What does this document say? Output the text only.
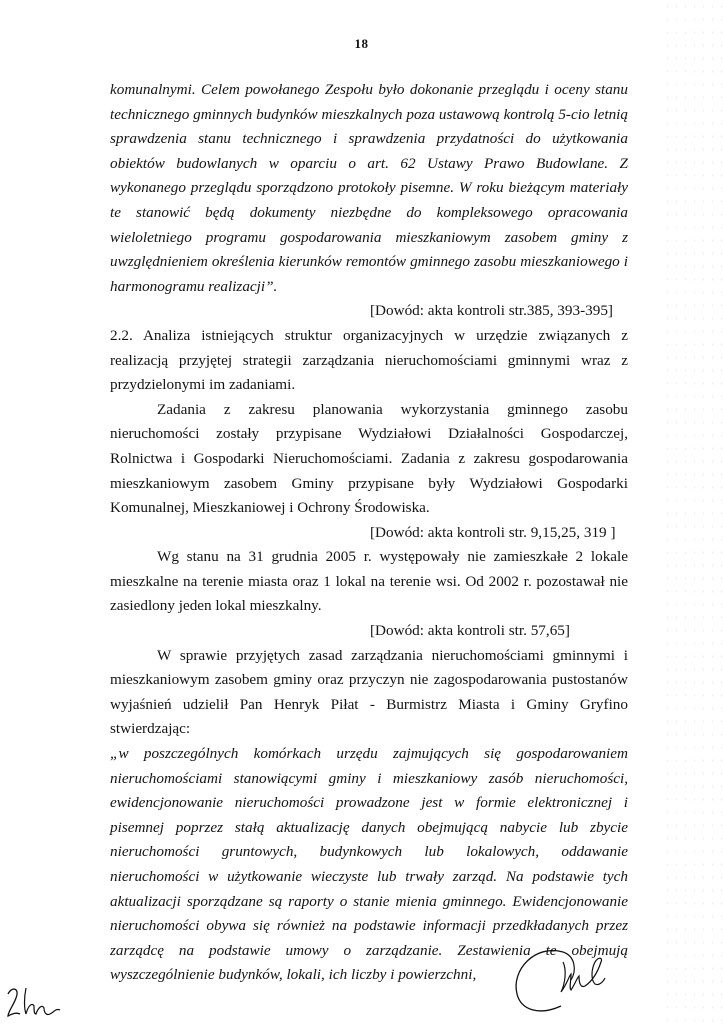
18

komunalnymi. Celem powołanego Zespołu było dokonanie przeglądu i oceny stanu technicznego gminnych budynków mieszkalnych poza ustawową kontrolą 5-cio letnią sprawdzenia stanu technicznego i sprawdzenia przydatności do użytkowania obiektów budowlanych w oparciu o art. 62 Ustawy Prawo Budowlane. Z wykonanego przeglądu sporządzono protokoły pisemne. W roku bieżącym materiały te stanowić będą dokumenty niezbędne do kompleksowego opracowania wieloletniego programu gospodarowania mieszkaniowym zasobem gminy z uwzględnieniem określenia kierunków remontów gminnego zasobu mieszkaniowego i harmonogramu realizacji”.

[Dowód: akta kontroli str.385, 393-395]

2.2. Analiza istniejących struktur organizacyjnych w urzędzie związanych z realizacją przyjętej strategii zarządzania nieruchomościami gminnymi wraz z przydzielonymi im zadaniami.

Zadania z zakresu planowania wykorzystania gminnego zasobu nieruchomości zostały przypisane Wydziałowi Działalności Gospodarczej, Rolnictwa i Gospodarki Nieruchomościami. Zadania z zakresu gospodarowania mieszkaniowym zasobem Gminy przypisane były Wydziałowi Gospodarki Komunalnej, Mieszkaniowej i Ochrony Środowiska.

[Dowód: akta kontroli str. 9,15,25, 319 ]

Wg stanu na 31 grudnia 2005 r. występowały nie zamieszkałe 2 lokale mieszkalne na terenie miasta oraz 1 lokal na terenie wsi. Od 2002 r. pozostawał nie zasiedlony jeden lokal mieszkalny.

[Dowód: akta kontroli str. 57,65]

W sprawie przyjętych zasad zarządzania nieruchomościami gminnymi i mieszkaniowym zasobem gminy oraz przyczyn nie zagospodarowania pustostanów wyjaśnień udzielił Pan Henryk Piłat - Burmistrz Miasta i Gminy Gryfino stwierdzając:

„w poszczególnych komórkach urzędu zajmujących się gospodarowaniem nieruchomościami stanowiącymi gminy i mieszkaniowy zasób nieruchomości, ewidencjonowanie nieruchomości prowadzone jest w formie elektronicznej i pisemnej poprzez stałą aktualizację danych obejmującą nabycie lub zbycie nieruchomości gruntowych, budynkowych lub lokalowych, oddawanie nieruchomości w użytkowanie wieczyste lub trwały zarząd. Na podstawie tych aktualizacji sporządzane są raporty o stanie mienia gminnego. Ewidencjonowanie nieruchomości obywa się również na podstawie informacji przedkładanych przez zarządcę na podstawie umowy o zarządzanie. Zestawienia te obejmują wyszczególnienie budynków, lokali, ich liczby i powierzchni,
